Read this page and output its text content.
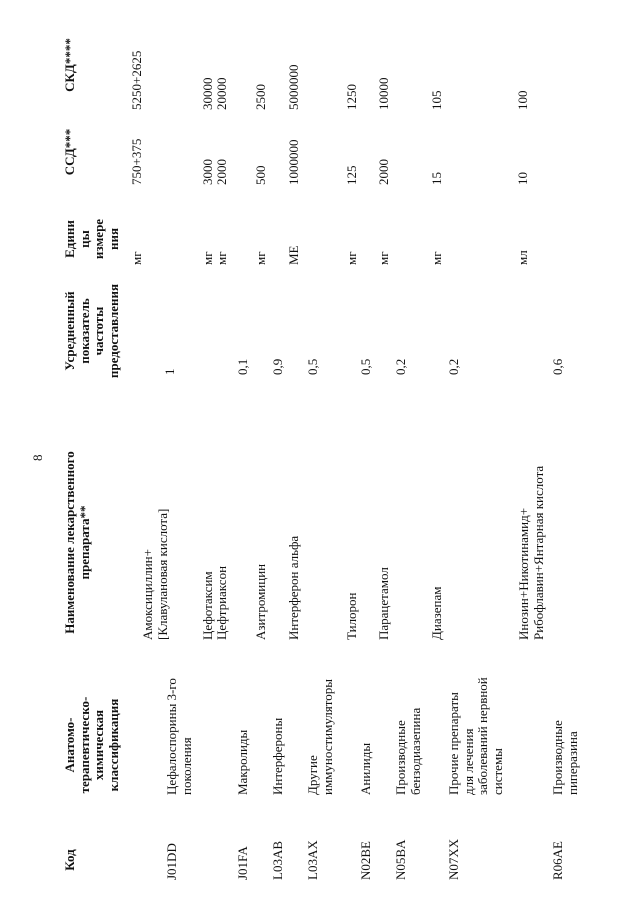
8
Код
Анатомо-
терапевтическо-
химическая
классификация
Наименование лекарственного
препарата**
Усредненный
показатель
частоты
предоставления
Едини
цы
измере
ния
ССД***
СКД****
J01DD
Цефалоспорины 3-го
поколения
1
J01FA
Макролиды
0,1
L03AB
Интерфероны
0,9
L03AX
Другие
иммуностимуляторы
0,5
N02BE
Анилиды
0,5
N05BA
Производные
бензодиазепина
0,2
N07XX
Прочие препараты
для лечения
заболеваний нервной
системы
0,2
R06AE
Производные
пиперазина
0,6
Амоксициллин+
[Клавулановая кислота]
мг
750+375
5250+2625
Цефотаксим
мг
3000
30000
Цефтриаксон
мг
2000
20000
Азитромицин
мг
500
2500
Интерферон альфа
МЕ
1000000
5000000
Тилорон
мг
125
1250
Парацетамол
мг
2000
10000
Диазепам
мг
15
105
Инозин+Никотинамид+
Рибофлавин+Янтарная кислота
мл
10
100
